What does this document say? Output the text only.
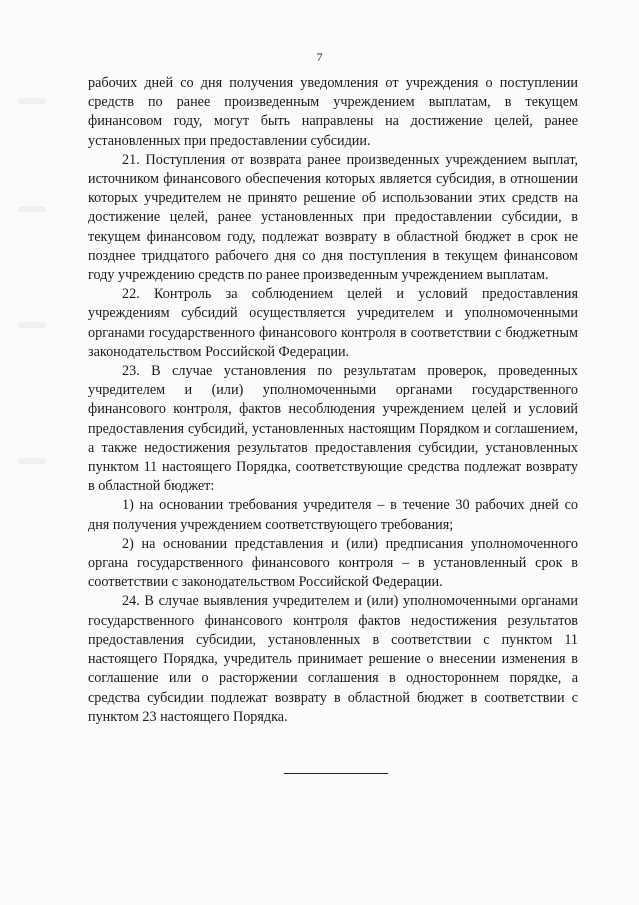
7

рабочих дней со дня получения уведомления от учреждения о поступлении средств по ранее произведенным учреждением выплатам, в текущем финансовом году, могут быть направлены на достижение целей, ранее установленных при предоставлении субсидии.

21. Поступления от возврата ранее произведенных учреждением выплат, источником финансового обеспечения которых является субсидия, в отношении которых учредителем не принято решение об использовании этих средств на достижение целей, ранее установленных при предоставлении субсидии, в текущем финансовом году, подлежат возврату в областной бюджет в срок не позднее тридцатого рабочего дня со дня поступления в текущем финансовом году учреждению средств по ранее произведенным учреждением выплатам.

22. Контроль за соблюдением целей и условий предоставления учреждениям субсидий осуществляется учредителем и уполномоченными органами государственного финансового контроля в соответствии с бюджетным законодательством Российской Федерации.

23. В случае установления по результатам проверок, проведенных учредителем и (или) уполномоченными органами государственного финансового контроля, фактов несоблюдения учреждением целей и условий предоставления субсидий, установленных настоящим Порядком и соглашением, а также недостижения результатов предоставления субсидии, установленных пунктом 11 настоящего Порядка, соответствующие средства подлежат возврату в областной бюджет:

1) на основании требования учредителя – в течение 30 рабочих дней со дня получения учреждением соответствующего требования;

2) на основании представления и (или) предписания уполномоченного органа государственного финансового контроля – в установленный срок в соответствии с законодательством Российской Федерации.

24. В случае выявления учредителем и (или) уполномоченными органами государственного финансового контроля фактов недостижения результатов предоставления субсидии, установленных в соответствии с пунктом 11 настоящего Порядка, учредитель принимает решение о внесении изменения в соглашение или о расторжении соглашения в одностороннем порядке, а средства субсидии подлежат возврату в областной бюджет в соответствии с пунктом 23 настоящего Порядка.
